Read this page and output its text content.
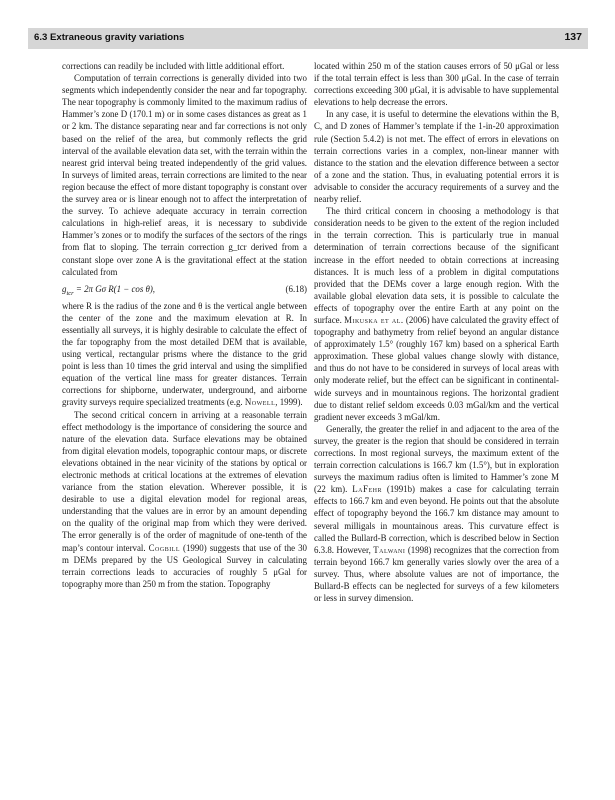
6.3 Extraneous gravity variations	137

corrections can readily be included with little additional effort.

Computation of terrain corrections is generally divided into two segments which independently consider the near and far topography. The near topography is commonly limited to the maximum radius of Hammer’s zone D (170.1 m) or in some cases distances as great as 1 or 2 km. The distance separating near and far corrections is not only based on the relief of the area, but commonly reflects the grid interval of the available elevation data set, with the terrain within the nearest grid interval being treated independently of the grid values. In surveys of limited areas, terrain corrections are limited to the near region because the effect of more distant topography is constant over the survey area or is linear enough not to affect the interpretation of the survey. To achieve adequate accuracy in terrain correction calculations in high-relief areas, it is necessary to subdivide Hammer’s zones or to modify the surfaces of the sectors of the rings from flat to sloping. The terrain correction g_tcr derived from a constant slope over zone A is the gravitational effect at the station calculated from

$g_{tcr} = 2\pi$ Gσ R(1 − cos θ),	(6.18)

where R is the radius of the zone and θ is the vertical angle between the center of the zone and the maximum elevation at R. In essentially all surveys, it is highly desirable to calculate the effect of the far topography from the most detailed DEM that is available, using vertical, rectangular prisms where the distance to the grid point is less than 10 times the grid interval and using the simplified equation of the vertical line mass for greater distances. Terrain corrections for shipborne, underwater, underground, and airborne gravity surveys require specialized treatments (e.g. Nowell, 1999).

The second critical concern in arriving at a reasonable terrain effect methodology is the importance of considering the source and nature of the elevation data. Surface elevations may be obtained from digital elevation models, topographic contour maps, or discrete elevations obtained in the near vicinity of the stations by optical or electronic methods at critical locations at the extremes of elevation variance from the station elevation. Wherever possible, it is desirable to use a digital elevation model for regional areas, understanding that the values are in error by an amount depending on the quality of the original map from which they were derived. The error generally is of the order of magnitude of one-tenth of the map’s contour interval. Cogbill (1990) suggests that use of the 30 m DEMs prepared by the US Geological Survey in calculating terrain corrections leads to accuracies of roughly 5 μGal for topography more than 250 m from the station. Topography

located within 250 m of the station causes errors of 50 μGal or less if the total terrain effect is less than 300 μGal. In the case of terrain corrections exceeding 300 μGal, it is advisable to have supplemental elevations to help decrease the errors.

In any case, it is useful to determine the elevations within the B, C, and D zones of Hammer’s template if the 1-in-20 approximation rule (Section 5.4.2) is not met. The effect of errors in elevations on terrain corrections varies in a complex, non-linear manner with distance to the station and the elevation difference between a sector of a zone and the station. Thus, in evaluating potential errors it is advisable to consider the accuracy requirements of a survey and the nearby relief.

The third critical concern in choosing a methodology is that consideration needs to be given to the extent of the region included in the terrain correction. This is particularly true in manual determination of terrain corrections because of the significant increase in the effort needed to obtain corrections at increasing distances. It is much less of a problem in digital computations provided that the DEMs cover a large enough region. With the available global elevation data sets, it is possible to calculate the effects of topography over the entire Earth at any point on the surface. Mikuska et al. (2006) have calculated the gravity effect of topography and bathymetry from relief beyond an angular distance of approximately 1.5° (roughly 167 km) based on a spherical Earth approximation. These global values change slowly with distance, and thus do not have to be considered in surveys of local areas with only moderate relief, but the effect can be significant in continental-wide surveys and in mountainous regions. The horizontal gradient due to distant relief seldom exceeds 0.03 mGal/km and the vertical gradient never exceeds 3 mGal/km.

Generally, the greater the relief in and adjacent to the area of the survey, the greater is the region that should be considered in terrain corrections. In most regional surveys, the maximum extent of the terrain correction calculations is 166.7 km (1.5°), but in exploration surveys the maximum radius often is limited to Hammer’s zone M (22 km). LaFehr (1991b) makes a case for calculating terrain effects to 166.7 km and even beyond. He points out that the absolute effect of topography beyond the 166.7 km distance may amount to several milligals in mountainous areas. This curvature effect is called the Bullard-B correction, which is described below in Section 6.3.8. However, Talwani (1998) recognizes that the correction from terrain beyond 166.7 km generally varies slowly over the area of a survey. Thus, where absolute values are not of importance, the Bullard-B effects can be neglected for surveys of a few kilometers or less in survey dimension.
